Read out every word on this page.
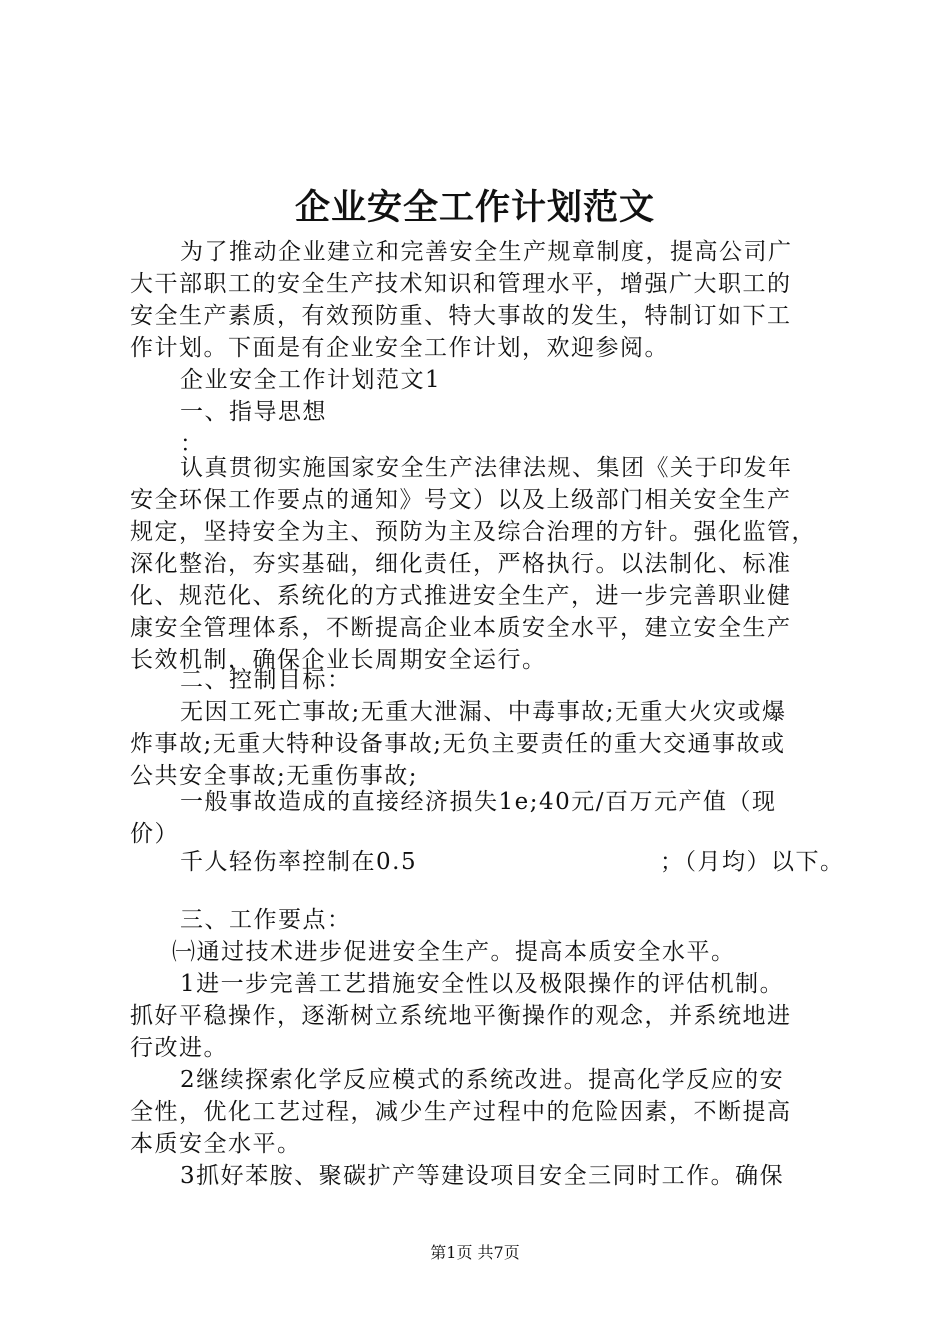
企业安全工作计划范文
为了推动企业建立和完善安全生产规章制度，提高公司广
大干部职工的安全生产技术知识和管理水平，增强广大职工的
安全生产素质，有效预防重、特大事故的发生，特制订如下工
作计划。下面是有企业安全工作计划，欢迎参阅。
企业安全工作计划范文1
一、指导思想
：
认真贯彻实施国家安全生产法律法规、集团《关于印发年
安全环保工作要点的通知》号文）以及上级部门相关安全生产
规定，坚持安全为主、预防为主及综合治理的方针。强化监管，
深化整治，夯实基础，细化责任，严格执行。以法制化、标准
化、规范化、系统化的方式推进安全生产，进一步完善职业健
康安全管理体系，不断提高企业本质安全水平，建立安全生产
长效机制，确保企业长周期安全运行。
二、控制目标：
无因工死亡事故;无重大泄漏、中毒事故;无重大火灾或爆
炸事故;无重大特种设备事故;无负主要责任的重大交通事故或
公共安全事故;无重伤事故;
一般事故造成的直接经济损失1e;40元/百万元产值（现
价）
千人轻伤率控制在0.5	；（月均）以下。
三、工作要点：
㈠通过技术进步促进安全生产。提高本质安全水平。
1进一步完善工艺措施安全性以及极限操作的评估机制。
抓好平稳操作，逐渐树立系统地平衡操作的观念，并系统地进
行改进。
2继续探索化学反应模式的系统改进。提高化学反应的安
全性，优化工艺过程，减少生产过程中的危险因素，不断提高
本质安全水平。
3抓好苯胺、聚碳扩产等建设项目安全三同时工作。确保
第1页 共7页
